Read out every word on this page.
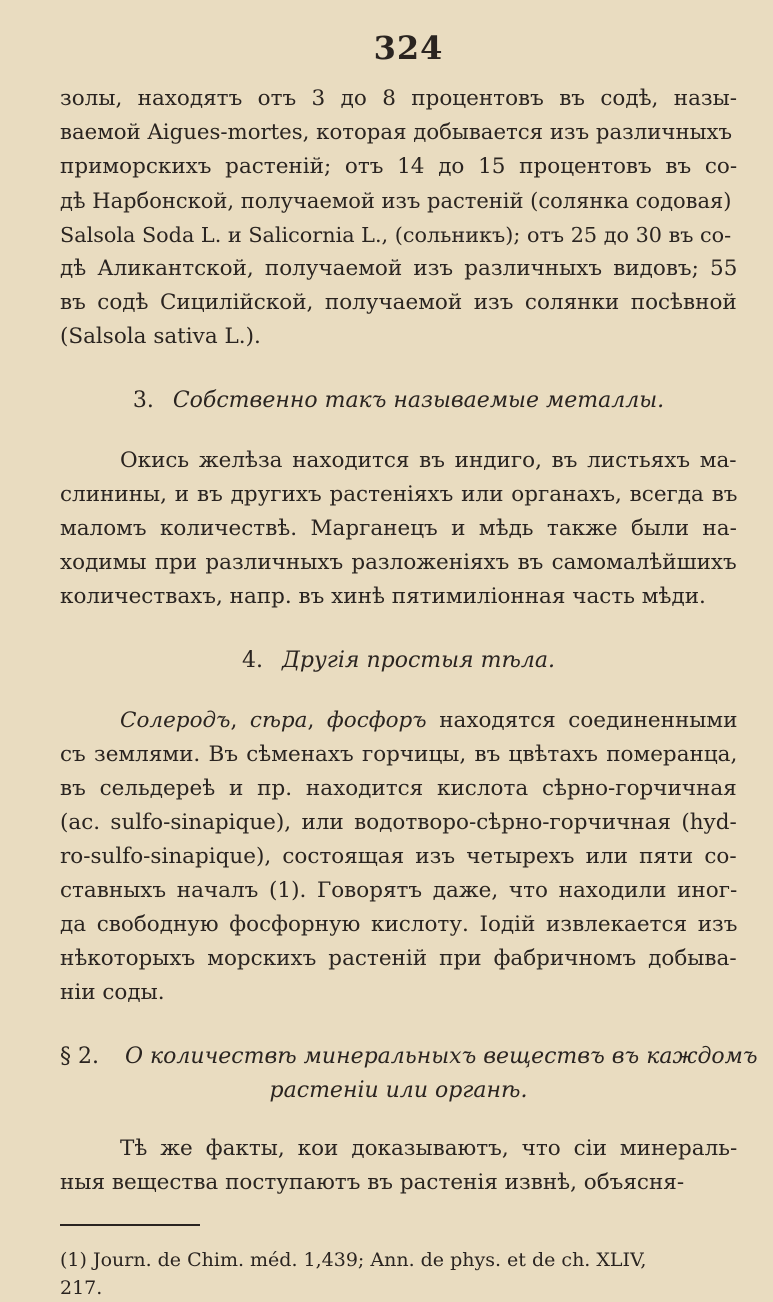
324

золы, находятъ отъ 3 до 8 процентовъ въ содѣ, назы-
ваемой Aigues-mortes, которая добывается изъ различныхъ
приморскихъ растеній; отъ 14 до 15 процентовъ въ со-
дѣ Нарбонской, получаемой изъ растеній (солянка содовая)
Salsola Soda L. и Salicornia L., (сольникъ); отъ 25 до 30 въ со-
дѣ Аликантской, получаемой изъ различныхъ видовъ; 55
въ содѣ Сицилійской, получаемой изъ солянки посѣвной
(Salsola sativa L.).

3. Собственно такъ называемые металлы.

Окись желѣза находится въ индиго, въ листьяхъ ма-
слинины, и въ другихъ растеніяхъ или органахъ, всегда въ
маломъ количествѣ. Марганецъ и мѣдь также были на-
ходимы при различныхъ разложеніяхъ въ самомалѣйшихъ
количествахъ, напр. въ хинѣ пятимиліонная часть мѣди.

4. Другія простыя тѣла.

Солеродъ, сѣра, фосфоръ находятся соединенными
съ землями. Въ сѣменахъ горчицы, въ цвѣтахъ померанца,
въ сельдереѣ и пр. находится кислота сѣрно-горчичная
(ac. sulfo-sinapique), или водотворо-сѣрно-горчичная (hyd-
ro-sulfo-sinapique), состоящая изъ четырехъ или пяти со-
ставныхъ началъ (1). Говорятъ даже, что находили иног-
да свободную фосфорную кислоту. Іодій извлекается изъ
нѣкоторыхъ морскихъ растеній при фабричномъ добыва-
ніи соды.

§ 2. О количествѣ минеральныхъ веществъ въ каждомъ
растеніи или органѣ.

Тѣ же факты, кои доказываютъ, что сіи минераль-
ныя вещества поступаютъ въ растенія извнѣ, объясня-

(1) Journ. de Chim. méd. 1,439; Ann. de phys. et de ch. XLIV,
217.
